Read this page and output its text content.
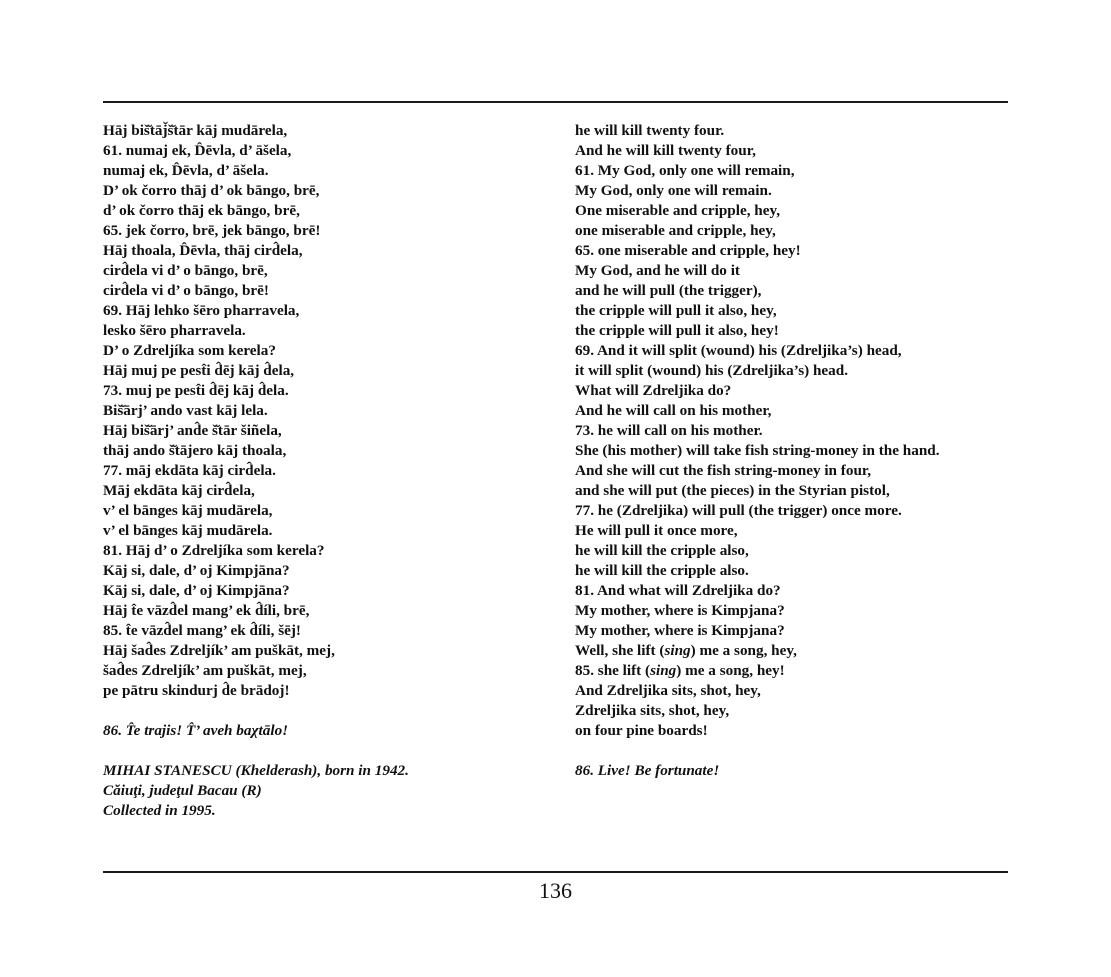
Hāj biš̆tāj̆š̆tār kāj mudārela,
61. numaj ek, D̂ēvla, d’ āšela,
numaj ek, D̂ēvla, d’ āšela.
D’ ok čorro thāj d’ ok bāngo, brē,
d’ ok čorro thāj ek bāngo, brē,
65. jek čorro, brē, jek bāngo, brē!
Hāj thoala, D̂ēvla, thāj cird̂ela,
cird̂ela vi d’ o bāngo, brē,
cird̂ela vi d’ o bāngo, brē!
69. Hāj lehko šēro pharravela,
lesko šēro pharravela.
D’ o Zdreljíka som kerela?
Hāj muj pe pest̂i d̂ēj kāj d̂ela,
73. muj pe pest̂i d̂ēj kāj d̂ela.
Biš̆ārj’ ando vast kāj lela.
Hāj biš̆ārj’ and̂e š̆tār šiñela,
thāj ando š̆tājero kāj thoala,
77. māj ekdāta kāj cird̂ela.
Māj ekdāta kāj cird̂ela,
v’ el bānges kāj mudārela,
v’ el bānges kāj mudārela.
81. Hāj d’ o Zdreljíka som kerela?
Kāj si, dale, d’ oj Kimpjāna?
Kāj si, dale, d’ oj Kimpjāna?
Hāj t̂e vāzd̂el mang’ ek d̂íli, brē,
85. t̂e vāzd̂el mang’ ek d̂íli, šēj!
Hāj šad̂es Zdreljík’ am puškāt, mej,
šad̂es Zdreljík’ am puškāt, mej,
pe pātru skindurj d̂e brādoj!
86. T̂e trajis! T̂’ aveh baχtālo!
MIHAI STANESCU (Khelderash), born in 1942.
Căiuţi, judeţul Bacau (R)
Collected in 1995.
he will kill twenty four.
And he will kill twenty four,
61. My God, only one will remain,
My God, only one will remain.
One miserable and cripple, hey,
one miserable and cripple, hey,
65. one miserable and cripple, hey!
My God, and he will do it
and he will pull (the trigger),
the cripple will pull it also, hey,
the cripple will pull it also, hey!
69. And it will split (wound) his (Zdreljika’s) head,
it will split (wound) his (Zdreljika’s) head.
What will Zdreljika do?
And he will call on his mother,
73. he will call on his mother.
She (his mother) will take fish string-money in the hand.
And she will cut the fish string-money in four,
and she will put (the pieces) in the Styrian pistol,
77. he (Zdreljika) will pull (the trigger) once more.
He will pull it once more,
he will kill the cripple also,
he will kill the cripple also.
81. And what will Zdreljika do?
My mother, where is Kimpjana?
My mother, where is Kimpjana?
Well, she lift (sing) me a song, hey,
85. she lift (sing) me a song, hey!
And Zdreljika sits, shot, hey,
Zdreljika sits, shot, hey,
on four pine boards!
86. Live! Be fortunate!
136
